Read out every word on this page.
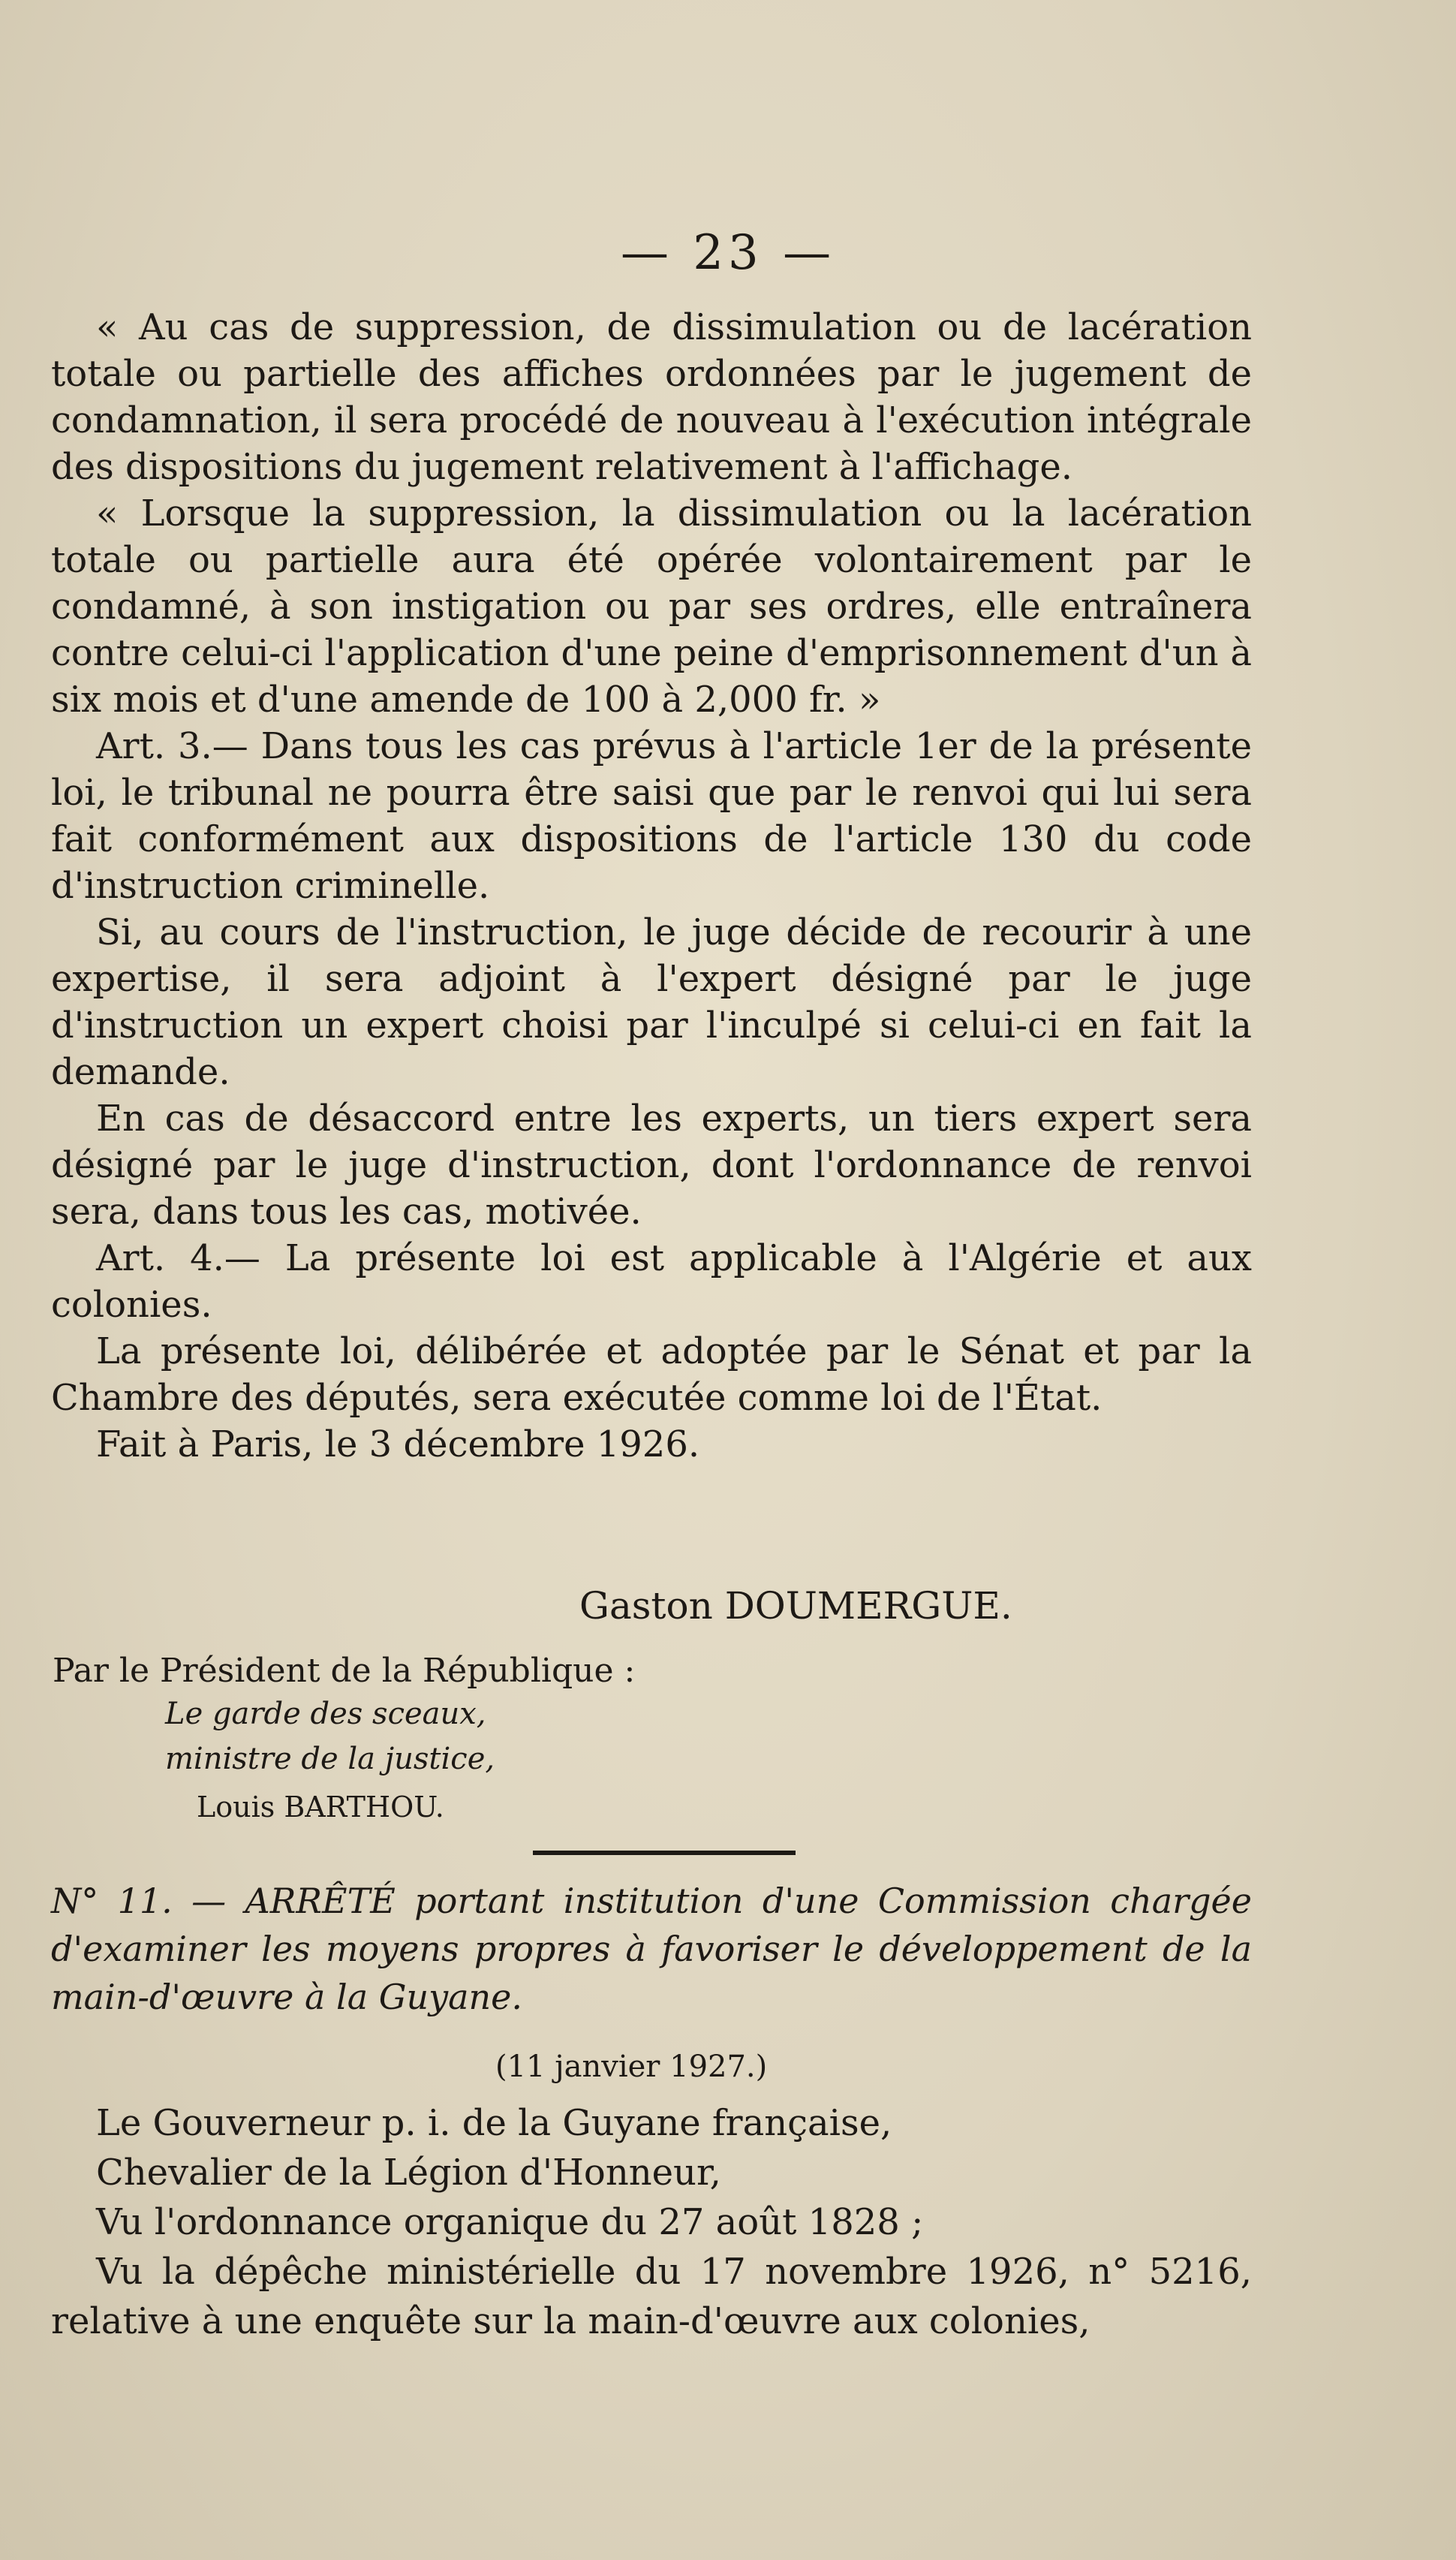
— 23 —

« Au cas de suppression, de dissimulation ou de lacération totale ou partielle des affiches ordonnées par le jugement de condamnation, il sera procédé de nouveau à l'exécution intégrale des dispositions du jugement relativement à l'affichage.

« Lorsque la suppression, la dissimulation ou la lacération totale ou partielle aura été opérée volontairement par le condamné, à son instigation ou par ses ordres, elle entraînera contre celui-ci l'application d'une peine d'emprisonnement d'un à six mois et d'une amende de 100 à 2,000 fr. »

Art. 3.— Dans tous les cas prévus à l'article 1er de la présente loi, le tribunal ne pourra être saisi que par le renvoi qui lui sera fait conformément aux dispositions de l'article 130 du code d'instruction criminelle.

Si, au cours de l'instruction, le juge décide de recourir à une expertise, il sera adjoint à l'expert désigné par le juge d'instruction un expert choisi par l'inculpé si celui-ci en fait la demande.

En cas de désaccord entre les experts, un tiers expert sera désigné par le juge d'instruction, dont l'ordonnance de renvoi sera, dans tous les cas, motivée.

Art. 4.— La présente loi est applicable à l'Algérie et aux colonies.

La présente loi, délibérée et adoptée par le Sénat et par la Chambre des députés, sera exécutée comme loi de l'État.

Fait à Paris, le 3 décembre 1926.

Gaston DOUMERGUE.
Par le Président de la République :
Le garde des sceaux,
ministre de la justice,
Louis BARTHOU.

N° 11. — ARRÊTÉ portant institution d'une Commission chargée d'examiner les moyens propres à favoriser le développement de la main-d'œuvre à la Guyane.

(11 janvier 1927.)

Le Gouverneur p. i. de la Guyane française,

Chevalier de la Légion d'Honneur,

Vu l'ordonnance organique du 27 août 1828 ;

Vu la dépêche ministérielle du 17 novembre 1926, n° 5216, relative à une enquête sur la main-d'œuvre aux colonies,
